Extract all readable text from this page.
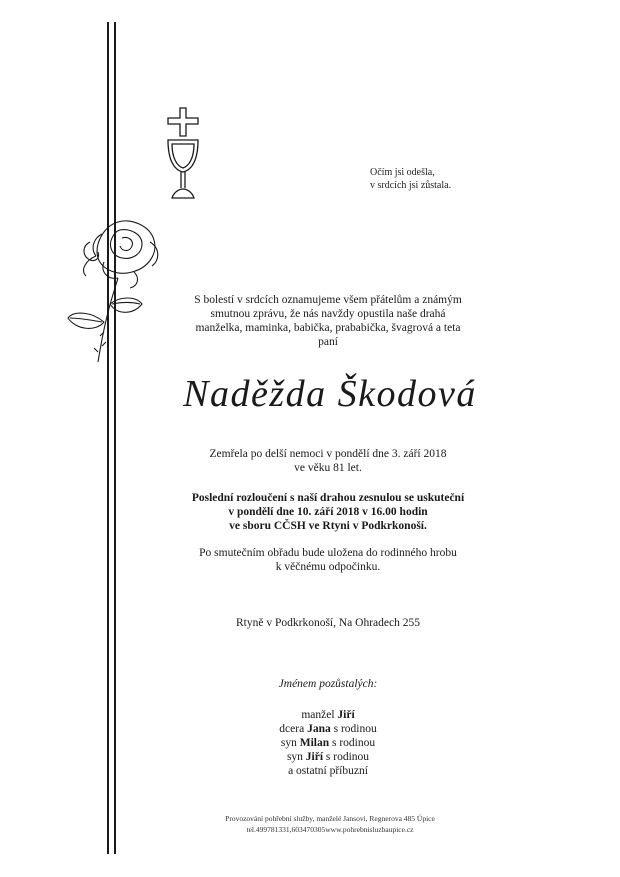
Očím jsi odešla,
v srdcích jsi zůstala.
S bolestí v srdcích oznamujeme všem přátelům a známým
smutnou zprávu, že nás navždy opustila naše drahá
manželka, maminka, babička, prababička, švagrová a teta
paní
Naděžda Škodová
Zemřela po delší nemoci v pondělí dne 3. září 2018
ve věku 81 let.
Poslední rozloučení s naší drahou zesnulou se uskuteční
v pondělí dne 10. září 2018 v 16.00 hodin
ve sboru CČSH ve Rtyni v Podkrkonoší.
Po smutečním obřadu bude uložena do rodinného hrobu
k věčnému odpočinku.
Rtyně v Podkrkonoší, Na Ohradech 255
Jménem pozůstalých:
manžel Jiří
dcera Jana s rodinou
syn Milan s rodinou
syn Jiří s rodinou
a ostatní příbuzní
Provozování pohřební služby, manželé Jansovi, Regnerova 485 Úpice
tel.499781331,603470305www.pohrebnisluzbaupice.cz
